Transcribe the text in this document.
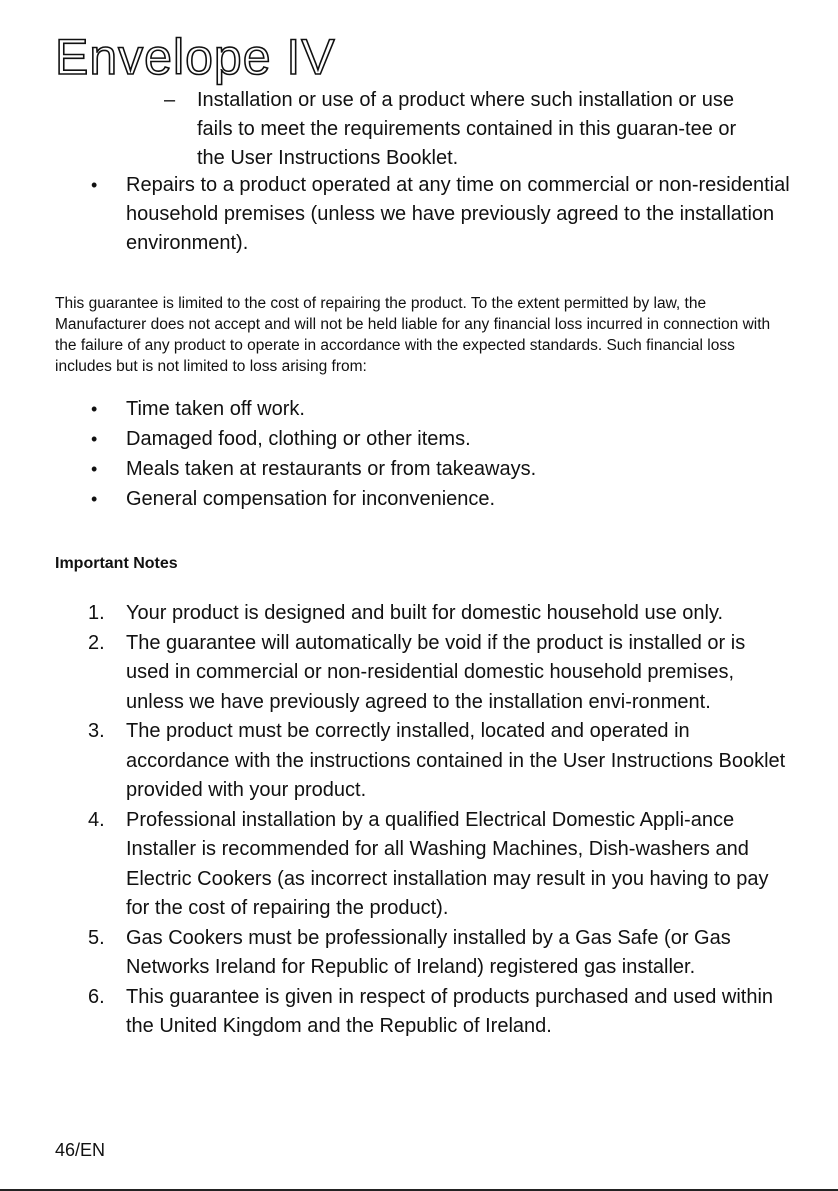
Envelope IV
– Installation or use of a product where such installation or use fails to meet the requirements contained in this guaran-tee or the User Instructions Booklet.
• Repairs to a product operated at any time on commercial or non-residential household premises (unless we have previously agreed to the installation environment).

This guarantee is limited to the cost of repairing the product. To the extent permitted by law, the Manufacturer does not accept and will not be held liable for any financial loss incurred in connection with the failure of any product to operate in accordance with the expected standards. Such financial loss includes but is not limited to loss arising from:

• Time taken off work.
• Damaged food, clothing or other items.
• Meals taken at restaurants or from takeaways.
• General compensation for inconvenience.
Important Notes
1. Your product is designed and built for domestic household use only.
2. The guarantee will automatically be void if the product is installed or is used in commercial or non-residential domestic household premises, unless we have previously agreed to the installation envi-ronment.
3. The product must be correctly installed, located and operated in accordance with the instructions contained in the User Instructions Booklet provided with your product.
4. Professional installation by a qualified Electrical Domestic Appli-ance Installer is recommended for all Washing Machines, Dish-washers and Electric Cookers (as incorrect installation may result in you having to pay for the cost of repairing the product).
5. Gas Cookers must be professionally installed by a Gas Safe (or Gas Networks Ireland for Republic of Ireland) registered gas installer.
6. This guarantee is given in respect of products purchased and used within the United Kingdom and the Republic of Ireland.
46/EN
